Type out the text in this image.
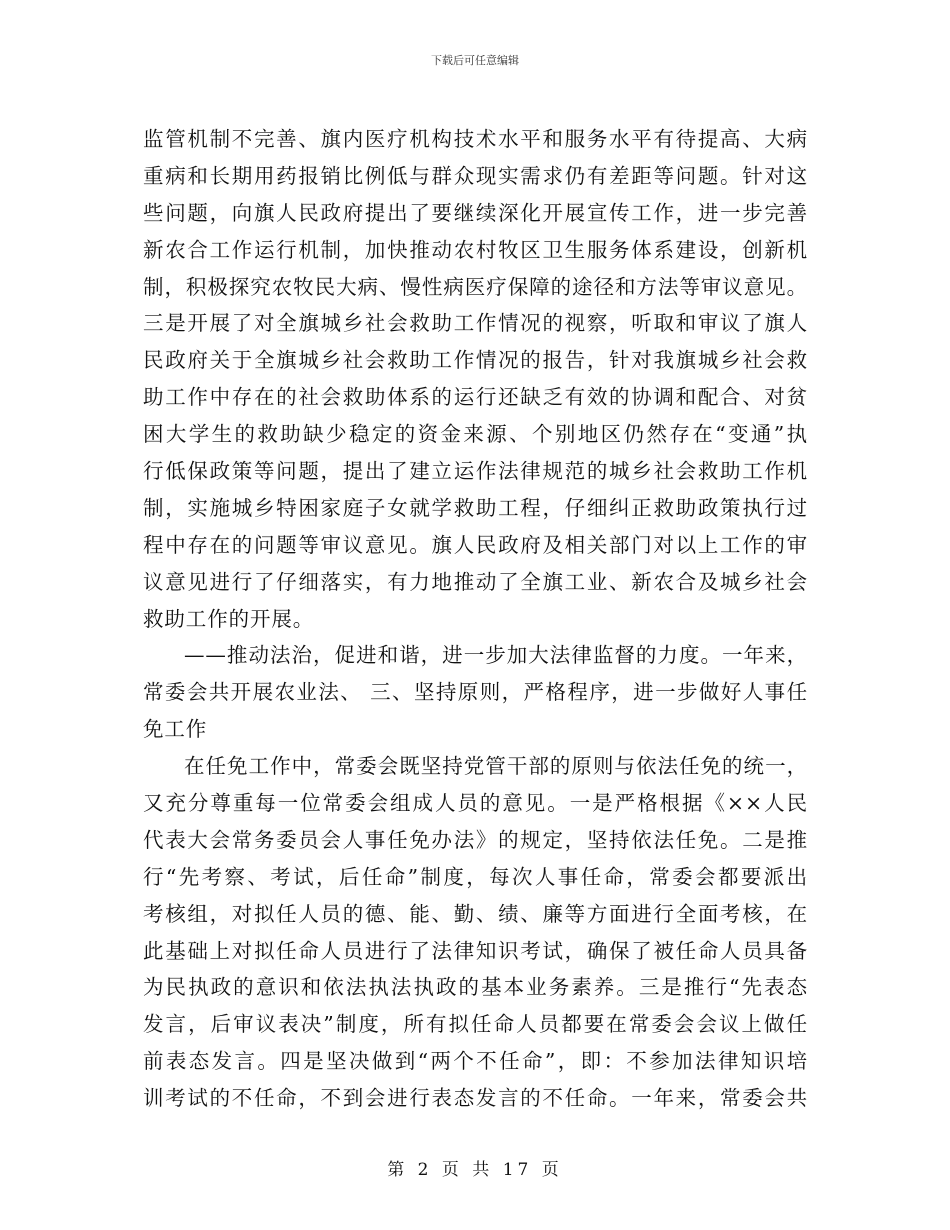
下载后可任意编辑
监管机制不完善、旗内医疗机构技术水平和服务水平有待提高、大病
重病和长期用药报销比例低与群众现实需求仍有差距等问题。针对这
些问题，向旗人民政府提出了要继续深化开展宣传工作，进一步完善
新农合工作运行机制，加快推动农村牧区卫生服务体系建设，创新机
制，积极探究农牧民大病、慢性病医疗保障的途径和方法等审议意见。
三是开展了对全旗城乡社会救助工作情况的视察，听取和审议了旗人
民政府关于全旗城乡社会救助工作情况的报告，针对我旗城乡社会救
助工作中存在的社会救助体系的运行还缺乏有效的协调和配合、对贫
困大学生的救助缺少稳定的资金来源、个别地区仍然存在“变通”执
行低保政策等问题，提出了建立运作法律规范的城乡社会救助工作机
制，实施城乡特困家庭子女就学救助工程，仔细纠正救助政策执行过
程中存在的问题等审议意见。旗人民政府及相关部门对以上工作的审
议意见进行了仔细落实，有力地推动了全旗工业、新农合及城乡社会
救助工作的开展。
——推动法治，促进和谐，进一步加大法律监督的力度。一年来，
常委会共开展农业法、 三、坚持原则，严格程序，进一步做好人事任
免工作
在任免工作中，常委会既坚持党管干部的原则与依法任免的统一，
又充分尊重每一位常委会组成人员的意见。一是严格根据《××人民
代表大会常务委员会人事任免办法》的规定，坚持依法任免。二是推
行“先考察、考试，后任命”制度，每次人事任命，常委会都要派出
考核组，对拟任人员的德、能、勤、绩、廉等方面进行全面考核，在
此基础上对拟任命人员进行了法律知识考试，确保了被任命人员具备
为民执政的意识和依法执法执政的基本业务素养。三是推行“先表态
发言，后审议表决”制度，所有拟任命人员都要在常委会会议上做任
前表态发言。四是坚决做到“两个不任命”，即：不参加法律知识培
训考试的不任命，不到会进行表态发言的不任命。一年来，常委会共
第 2 页 共 17 页
